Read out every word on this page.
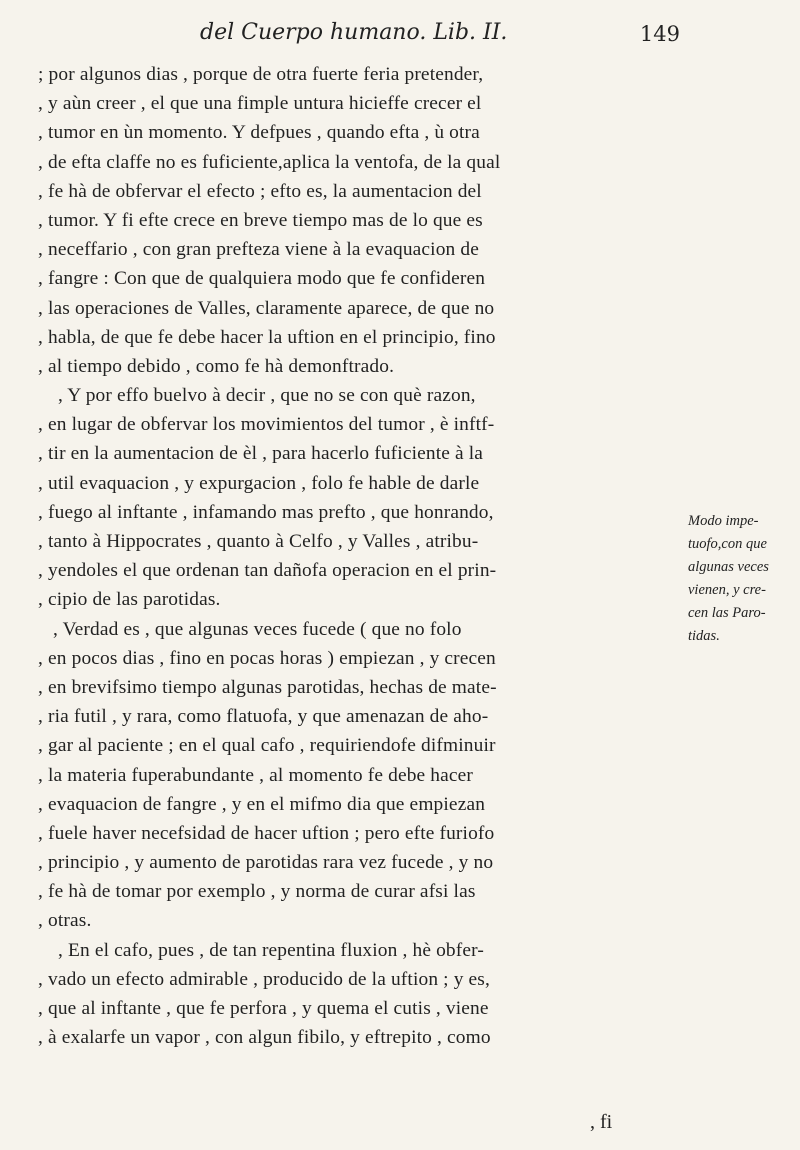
del Cuerpo humano. Lib. II.	149
; por algunos dias , porque de otra fuerte feria pretender,
, y aùn creer , el que una fimple untura hicieffe crecer el
, tumor en ùn momento. Y defpues , quando efta , ù otra
, de efta claffe no es fuficiente,aplica la ventofa, de la qual
, fe hà de obfervar el efecto ; efto es, la aumentacion del
, tumor. Y fi efte crece en breve tiempo mas de lo que es
, neceffario , con gran prefteza viene à la evaquacion de
, fangre : Con que de qualquiera modo que fe confideren
, las operaciones de Valles, claramente aparece, de que no
, habla, de que fe debe hacer la uftion en el principio, fino
, al tiempo debido , como fe hà demonftrado.
, Y por effo buelvo à decir , que no se con què razon,
, en lugar de obfervar los movimientos del tumor , è inftf-
, tir en la aumentacion de èl , para hacerlo fuficiente à la
, util evaquacion , y expurgacion , folo fe hable de darle
, fuego al inftante , infamando mas prefto , que honrando,
, tanto à Hippocrates , quanto à Celfo , y Valles , atribu-
, yendoles el que ordenan tan dañofa operacion en el prin-
, cipio de las parotidas.
, Verdad es , que algunas veces fucede ( que no folo
, en pocos dias , fino en pocas horas ) empiezan , y crecen
, en brevifsimo tiempo algunas parotidas, hechas de mate-
, ria futil , y rara, como flatuofa, y que amenazan de aho-
, gar al paciente ; en el qual cafo , requiriendofe difminuir
, la materia fuperabundante , al momento fe debe hacer
, evaquacion de fangre , y en el mifmo dia que empiezan
, fuele haver necefsidad de hacer uftion ; pero efte furiofo
, principio , y aumento de parotidas rara vez fucede , y no
, fe hà de tomar por exemplo , y norma de curar afsi las
, otras.
, En el cafo, pues , de tan repentina fluxion , hè obfer-
, vado un efecto admirable , producido de la uftion ; y es,
, que al inftante , que fe perfora , y quema el cutis , viene
, à exalarfe un vapor , con algun fibilo, y eftrepito , como
Modo impe-
tuofo,con que
algunas veces
vienen, y cre-
cen las Paro-
tidas.
, fi
